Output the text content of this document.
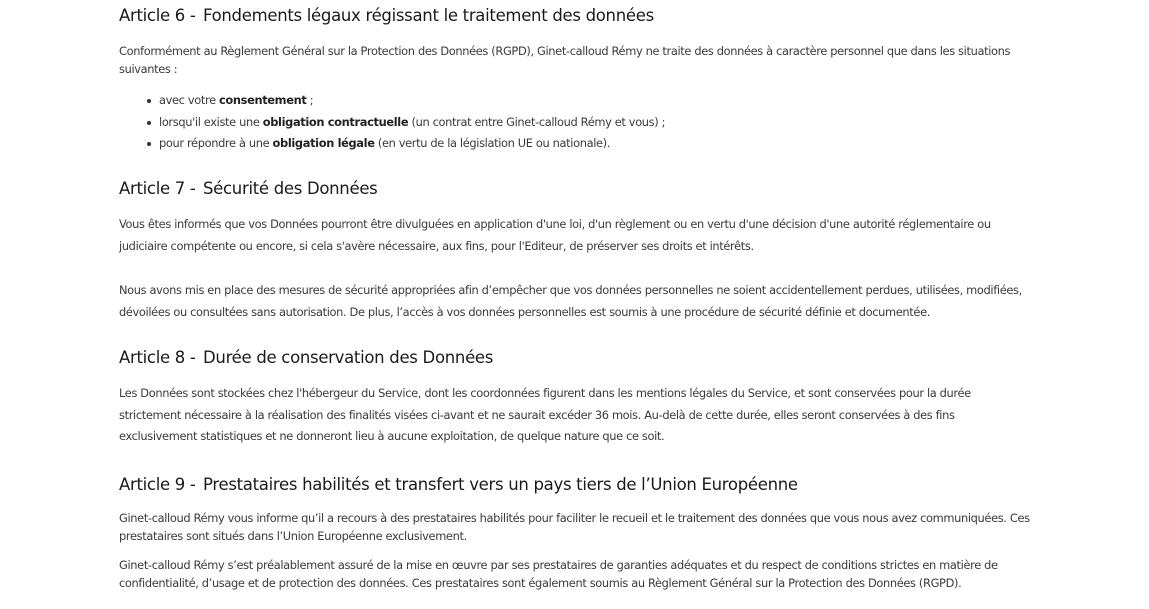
Article 6 - Fondements légaux régissant le traitement des données

Conformément au Règlement Général sur la Protection des Données (RGPD), Ginet-calloud Rémy ne traite des données à caractère personnel que dans les situations suivantes :

avec votre consentement ;
lorsqu'il existe une obligation contractuelle (un contrat entre Ginet-calloud Rémy et vous) ;
pour répondre à une obligation légale (en vertu de la législation UE ou nationale).
Article 7 - Sécurité des Données

Vous êtes informés que vos Données pourront être divulguées en application d'une loi, d'un règlement ou en vertu d'une décision d'une autorité réglementaire ou judiciaire compétente ou encore, si cela s'avère nécessaire, aux fins, pour l'Editeur, de préserver ses droits et intérêts.

Nous avons mis en place des mesures de sécurité appropriées afin d’empêcher que vos données personnelles ne soient accidentellement perdues, utilisées, modifiées, dévoilées ou consultées sans autorisation. De plus, l’accès à vos données personnelles est soumis à une procédure de sécurité définie et documentée.

Article 8 - Durée de conservation des Données

Les Données sont stockées chez l'hébergeur du Service, dont les coordonnées figurent dans les mentions légales du Service, et sont conservées pour la durée strictement nécessaire à la réalisation des finalités visées ci-avant et ne saurait excéder 36 mois. Au-delà de cette durée, elles seront conservées à des fins exclusivement statistiques et ne donneront lieu à aucune exploitation, de quelque nature que ce soit.

Article 9 - Prestataires habilités et transfert vers un pays tiers de l’Union Européenne

Ginet-calloud Rémy vous informe qu’il a recours à des prestataires habilités pour faciliter le recueil et le traitement des données que vous nous avez communiquées. Ces prestataires sont situés dans l’Union Européenne exclusivement.

Ginet-calloud Rémy s’est préalablement assuré de la mise en œuvre par ses prestataires de garanties adéquates et du respect de conditions strictes en matière de confidentialité, d’usage et de protection des données. Ces prestataires sont également soumis au Règlement Général sur la Protection des Données (RGPD).
